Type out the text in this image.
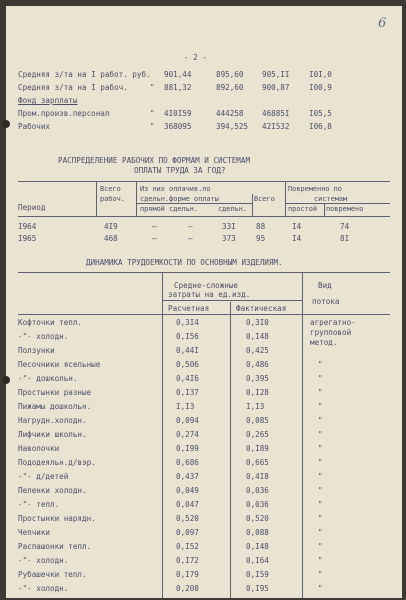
6
- 2 -
Средняя з/та на I работ. руб. 901,44	895,60 905,II	I0I,0
Средняя з/та на I рабоч.	" 881,32	892,60 900,87	I00,9
Фонд зарплаты
Пром.произв.персонал	" 4I0I59	444258 46885I	I05,5
Рабочих	" 368095	394,525 42I532	I06,8
РАСПРЕДЕЛЕНИЕ РАБОЧИХ ПО ФОРМАМ И СИСТЕМАМ
ОПЛАТЫ ТРУДА ЗА ГОД?
Период
Всего
рабоч.
Из них оплачив.по
сдельн.формe оплаты
прямой сдельн.	сдельн.
Всего
Повременно по
системам
простой повремено
I964	4I9	–	–	33I	88	I4	74
I965	468	–	–	373	95	I4	8I
ДИНАМИКА ТРУДОЕМКОСТИ ПО ОСНОВНЫМ ИЗДЕЛИЯМ.
Средне-сложные
затраты на ед.изд.
Расчетная	Фактическая
Вид
потока
Кофточки тепл.	0,3I4	0,3I0	агрегатно-
-"- холодн.	0,I56	0,I48	групповой
Ползунки	0,44I	0,425
метод.
Песочники ясельные	0,506	0,486	"
-"- дошкольн.	0,4I6	0,395	"
Простынки разные	0,I37	0,I28	"
Пижамы дошкольн.	I,I3	I,I3	"
Нагрудн.холодн.	0,094	0,085	"
Лифчики школьн.	0,274	0,265	"
Наволочки	0,I99	0,I89	"
Пододеяльн.д/вэр.	0,686	0,665	"
-"- д/детей	0,437	0,4I8	"
Пеленки холодн.	0,049	0,036	"
-"- тепл.	0,047	0,036	"
Простынки нарядн.	0,520	0,520	"
Чепчики	0,097	0,088	"
Распашонки тепл.	0,I52	0,I48	"
-"- холодн.	0,I72	0,I64	"
Рубашечки тепл.	0,I79	0,I59	"
-"- холодн.	0,208	0,I95	"
